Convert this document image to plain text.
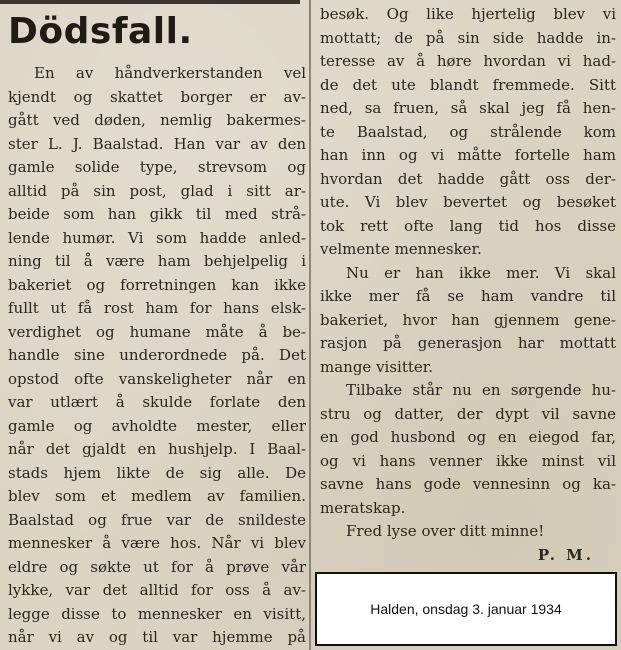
Dödsfall.
En av håndverkerstanden vel
kjendt og skattet borger er av-
gått ved døden, nemlig bakermes-
ster L. J. Baalstad. Han var av den
gamle solide type, strevsom og
alltid på sin post, glad i sitt ar-
beide som han gikk til med strå-
lende humør. Vi som hadde anled-
ning til å være ham behjelpelig i
bakeriet og forretningen kan ikke
fullt ut få rost ham for hans elsk-
verdighet og humane måte å be-
handle sine underordnede på. Det
opstod ofte vanskeligheter når en
var utlært å skulde forlate den
gamle og avholdte mester, eller
når det gjaldt en hushjelp. I Baal-
stads hjem likte de sig alle. De
blev som et medlem av familien.
Baalstad og frue var de snildeste
mennesker å være hos. Når vi blev
eldre og søkte ut for å prøve vår
lykke, var det alltid for oss å av-
legge disse to mennesker en visitt,
når vi av og til var hjemme på
besøk. Og like hjertelig blev vi
mottatt; de på sin side hadde in-
teresse av å høre hvordan vi had-
de det ute blandt fremmede. Sitt
ned, sa fruen, så skal jeg få hen-
te Baalstad, og strålende kom
han inn og vi måtte fortelle ham
hvordan det hadde gått oss der-
ute. Vi blev bevertet og besøket
tok rett ofte lang tid hos disse
velmente mennesker.
Nu er han ikke mer. Vi skal
ikke mer få se ham vandre til
bakeriet, hvor han gjennem gene-
rasjon på generasjon har mottatt
mange visitter.
Tilbake står nu en sørgende hu-
stru og datter, der dypt vil savne
en god husbond og en eiegod far,
og vi hans venner ikke minst vil
savne hans gode vennesinn og ka-
meratskap.
Fred lyse over ditt minne!
P. M.
Halden, onsdag 3. januar 1934
